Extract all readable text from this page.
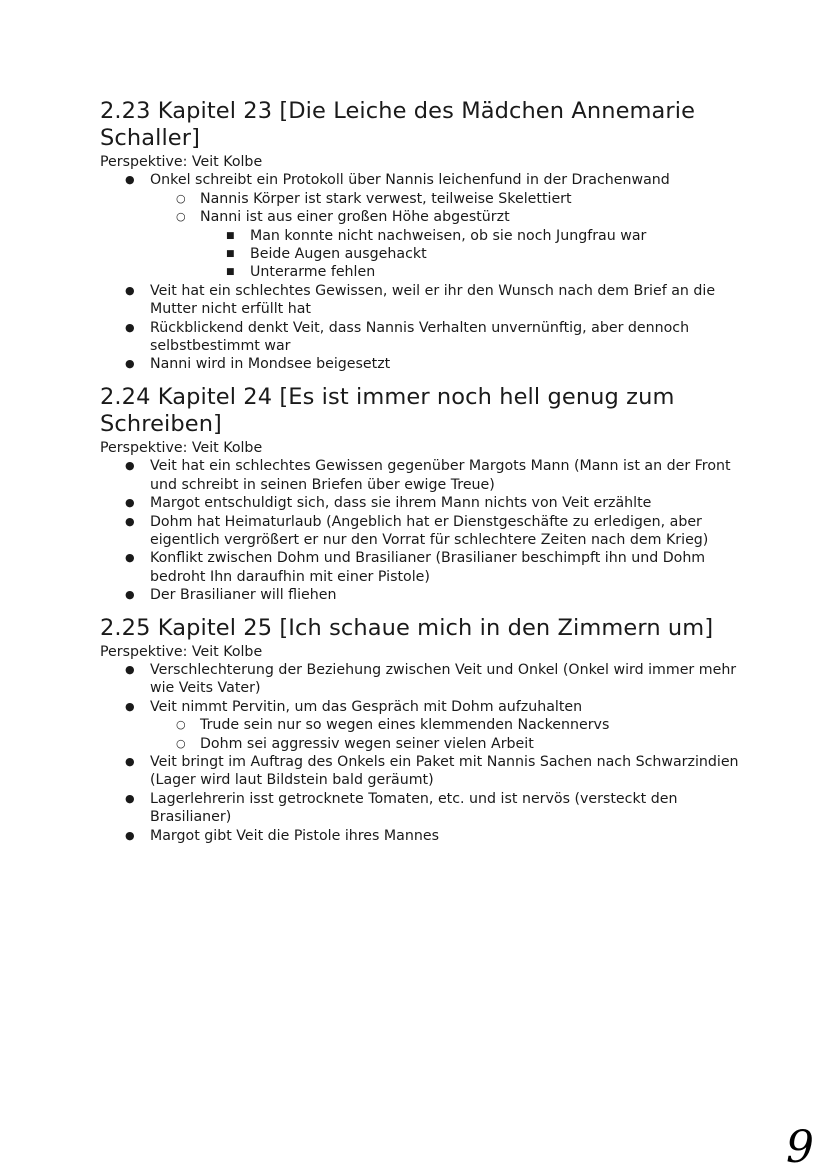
2.23 Kapitel 23 [Die Leiche des Mädchen Annemarie Schaller]

Perspektive: Veit Kolbe

● Onkel schreibt ein Protokoll über Nannis leichenfund in der Drachenwand
○ Nannis Körper ist stark verwest, teilweise Skelettiert
○ Nanni ist aus einer großen Höhe abgestürzt
■ Man konnte nicht nachweisen, ob sie noch Jungfrau war
■ Beide Augen ausgehackt
■ Unterarme fehlen
● Veit hat ein schlechtes Gewissen, weil er ihr den Wunsch nach dem Brief an die Mutter nicht erfüllt hat
● Rückblickend denkt Veit, dass Nannis Verhalten unvernünftig, aber dennoch selbstbestimmt war
● Nanni wird in Mondsee beigesetzt
2.24 Kapitel 24 [Es ist immer noch hell genug zum Schreiben]

Perspektive: Veit Kolbe

● Veit hat ein schlechtes Gewissen gegenüber Margots Mann (Mann ist an der Front und schreibt in seinen Briefen über ewige Treue)
● Margot entschuldigt sich, dass sie ihrem Mann nichts von Veit erzählte
● Dohm hat Heimaturlaub (Angeblich hat er Dienstgeschäfte zu erledigen, aber eigentlich vergrößert er nur den Vorrat für schlechtere Zeiten nach dem Krieg)
● Konflikt zwischen Dohm und Brasilianer (Brasilianer beschimpft ihn und Dohm bedroht Ihn daraufhin mit einer Pistole)
● Der Brasilianer will fliehen
2.25 Kapitel 25 [Ich schaue mich in den Zimmern um]

Perspektive: Veit Kolbe

● Verschlechterung der Beziehung zwischen Veit und Onkel (Onkel wird immer mehr wie Veits Vater)
● Veit nimmt Pervitin, um das Gespräch mit Dohm aufzuhalten
○ Trude sein nur so wegen eines klemmenden Nackennervs
○ Dohm sei aggressiv wegen seiner vielen Arbeit
● Veit bringt im Auftrag des Onkels ein Paket mit Nannis Sachen nach Schwarzindien (Lager wird laut Bildstein bald geräumt)
● Lagerlehrerin isst getrocknete Tomaten, etc. und ist nervös (versteckt den Brasilianer)
● Margot gibt Veit die Pistole ihres Mannes
9
